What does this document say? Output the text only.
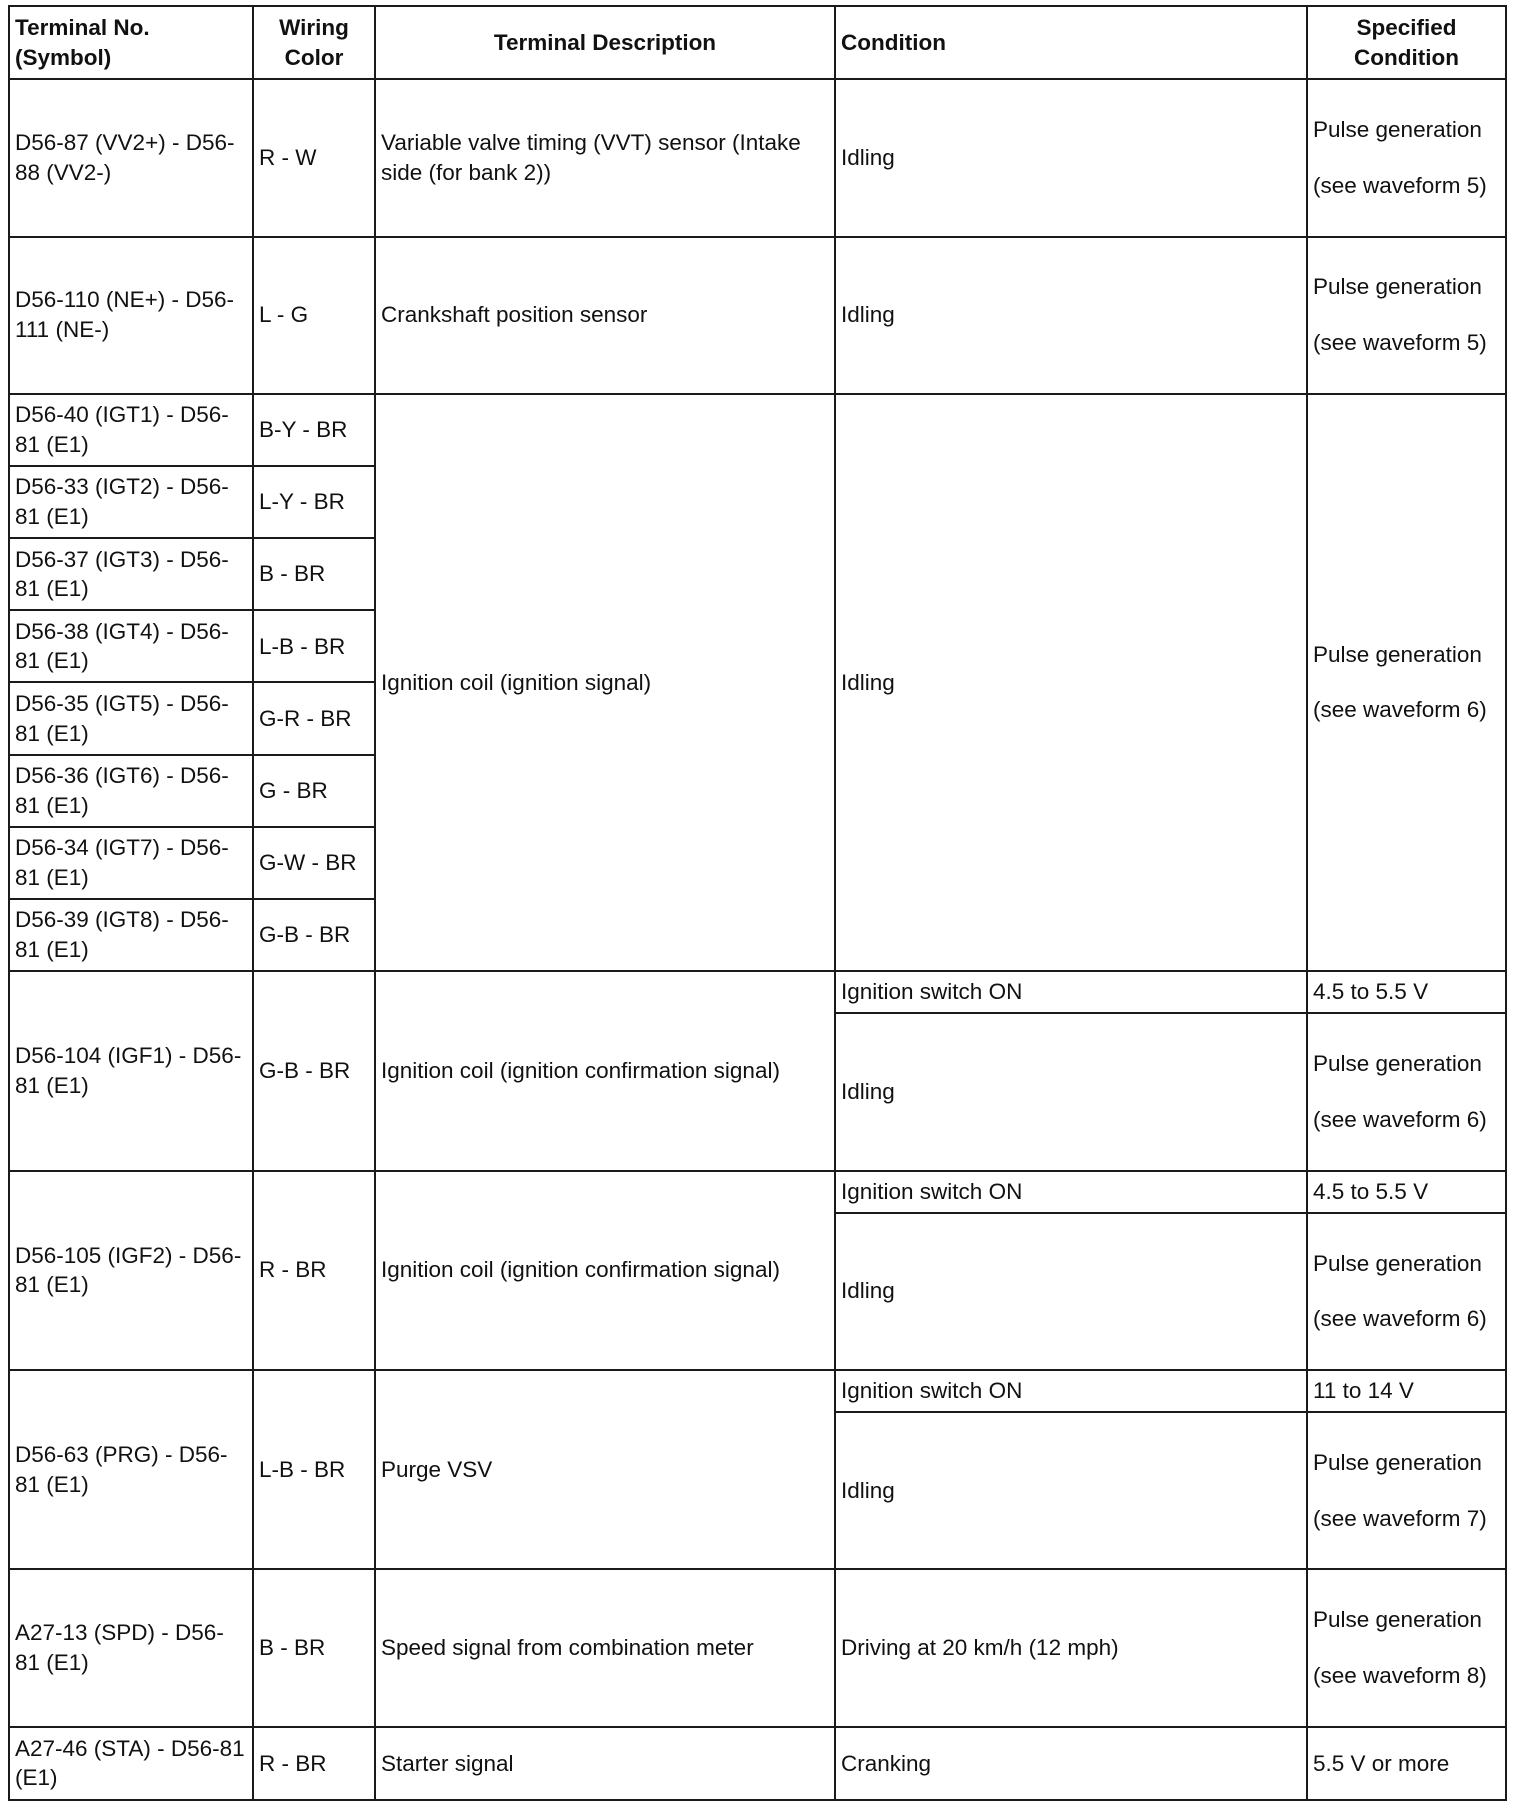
Terminal No. (Symbol)	Wiring Color	Terminal Description	Condition	Specified Condition
D56-87 (VV2+) - D56-88 (VV2-)	R - W	Variable valve timing (VVT) sensor (Intake side (for bank 2))	Idling	Pulse generation
(see waveform 5)
D56-110 (NE+) - D56-111 (NE-)	L - G	Crankshaft position sensor	Idling	Pulse generation
(see waveform 5)
D56-40 (IGT1) - D56-81 (E1)	B-Y - BR	Ignition coil (ignition signal)	Idling	Pulse generation
(see waveform 6)
D56-33 (IGT2) - D56-81 (E1)	L-Y - BR			
D56-37 (IGT3) - D56-81 (E1)	B - BR			
D56-38 (IGT4) - D56-81 (E1)	L-B - BR			
D56-35 (IGT5) - D56-81 (E1)	G-R - BR			
D56-36 (IGT6) - D56-81 (E1)	G - BR			
D56-34 (IGT7) - D56-81 (E1)	G-W - BR			
D56-39 (IGT8) - D56-81 (E1)	G-B - BR			
D56-104 (IGF1) - D56-81 (E1)	G-B - BR	Ignition coil (ignition confirmation signal)	Ignition switch ON	4.5 to 5.5 V
			Idling	Pulse generation
(see waveform 6)
D56-105 (IGF2) - D56-81 (E1)	R - BR	Ignition coil (ignition confirmation signal)	Ignition switch ON	4.5 to 5.5 V
			Idling	Pulse generation
(see waveform 6)
D56-63 (PRG) - D56-81 (E1)	L-B - BR	Purge VSV	Ignition switch ON	11 to 14 V
			Idling	Pulse generation
(see waveform 7)
A27-13 (SPD) - D56-81 (E1)	B - BR	Speed signal from combination meter	Driving at 20 km/h (12 mph)	Pulse generation
(see waveform 8)
A27-46 (STA) - D56-81 (E1)	R - BR	Starter signal	Cranking	5.5 V or more
